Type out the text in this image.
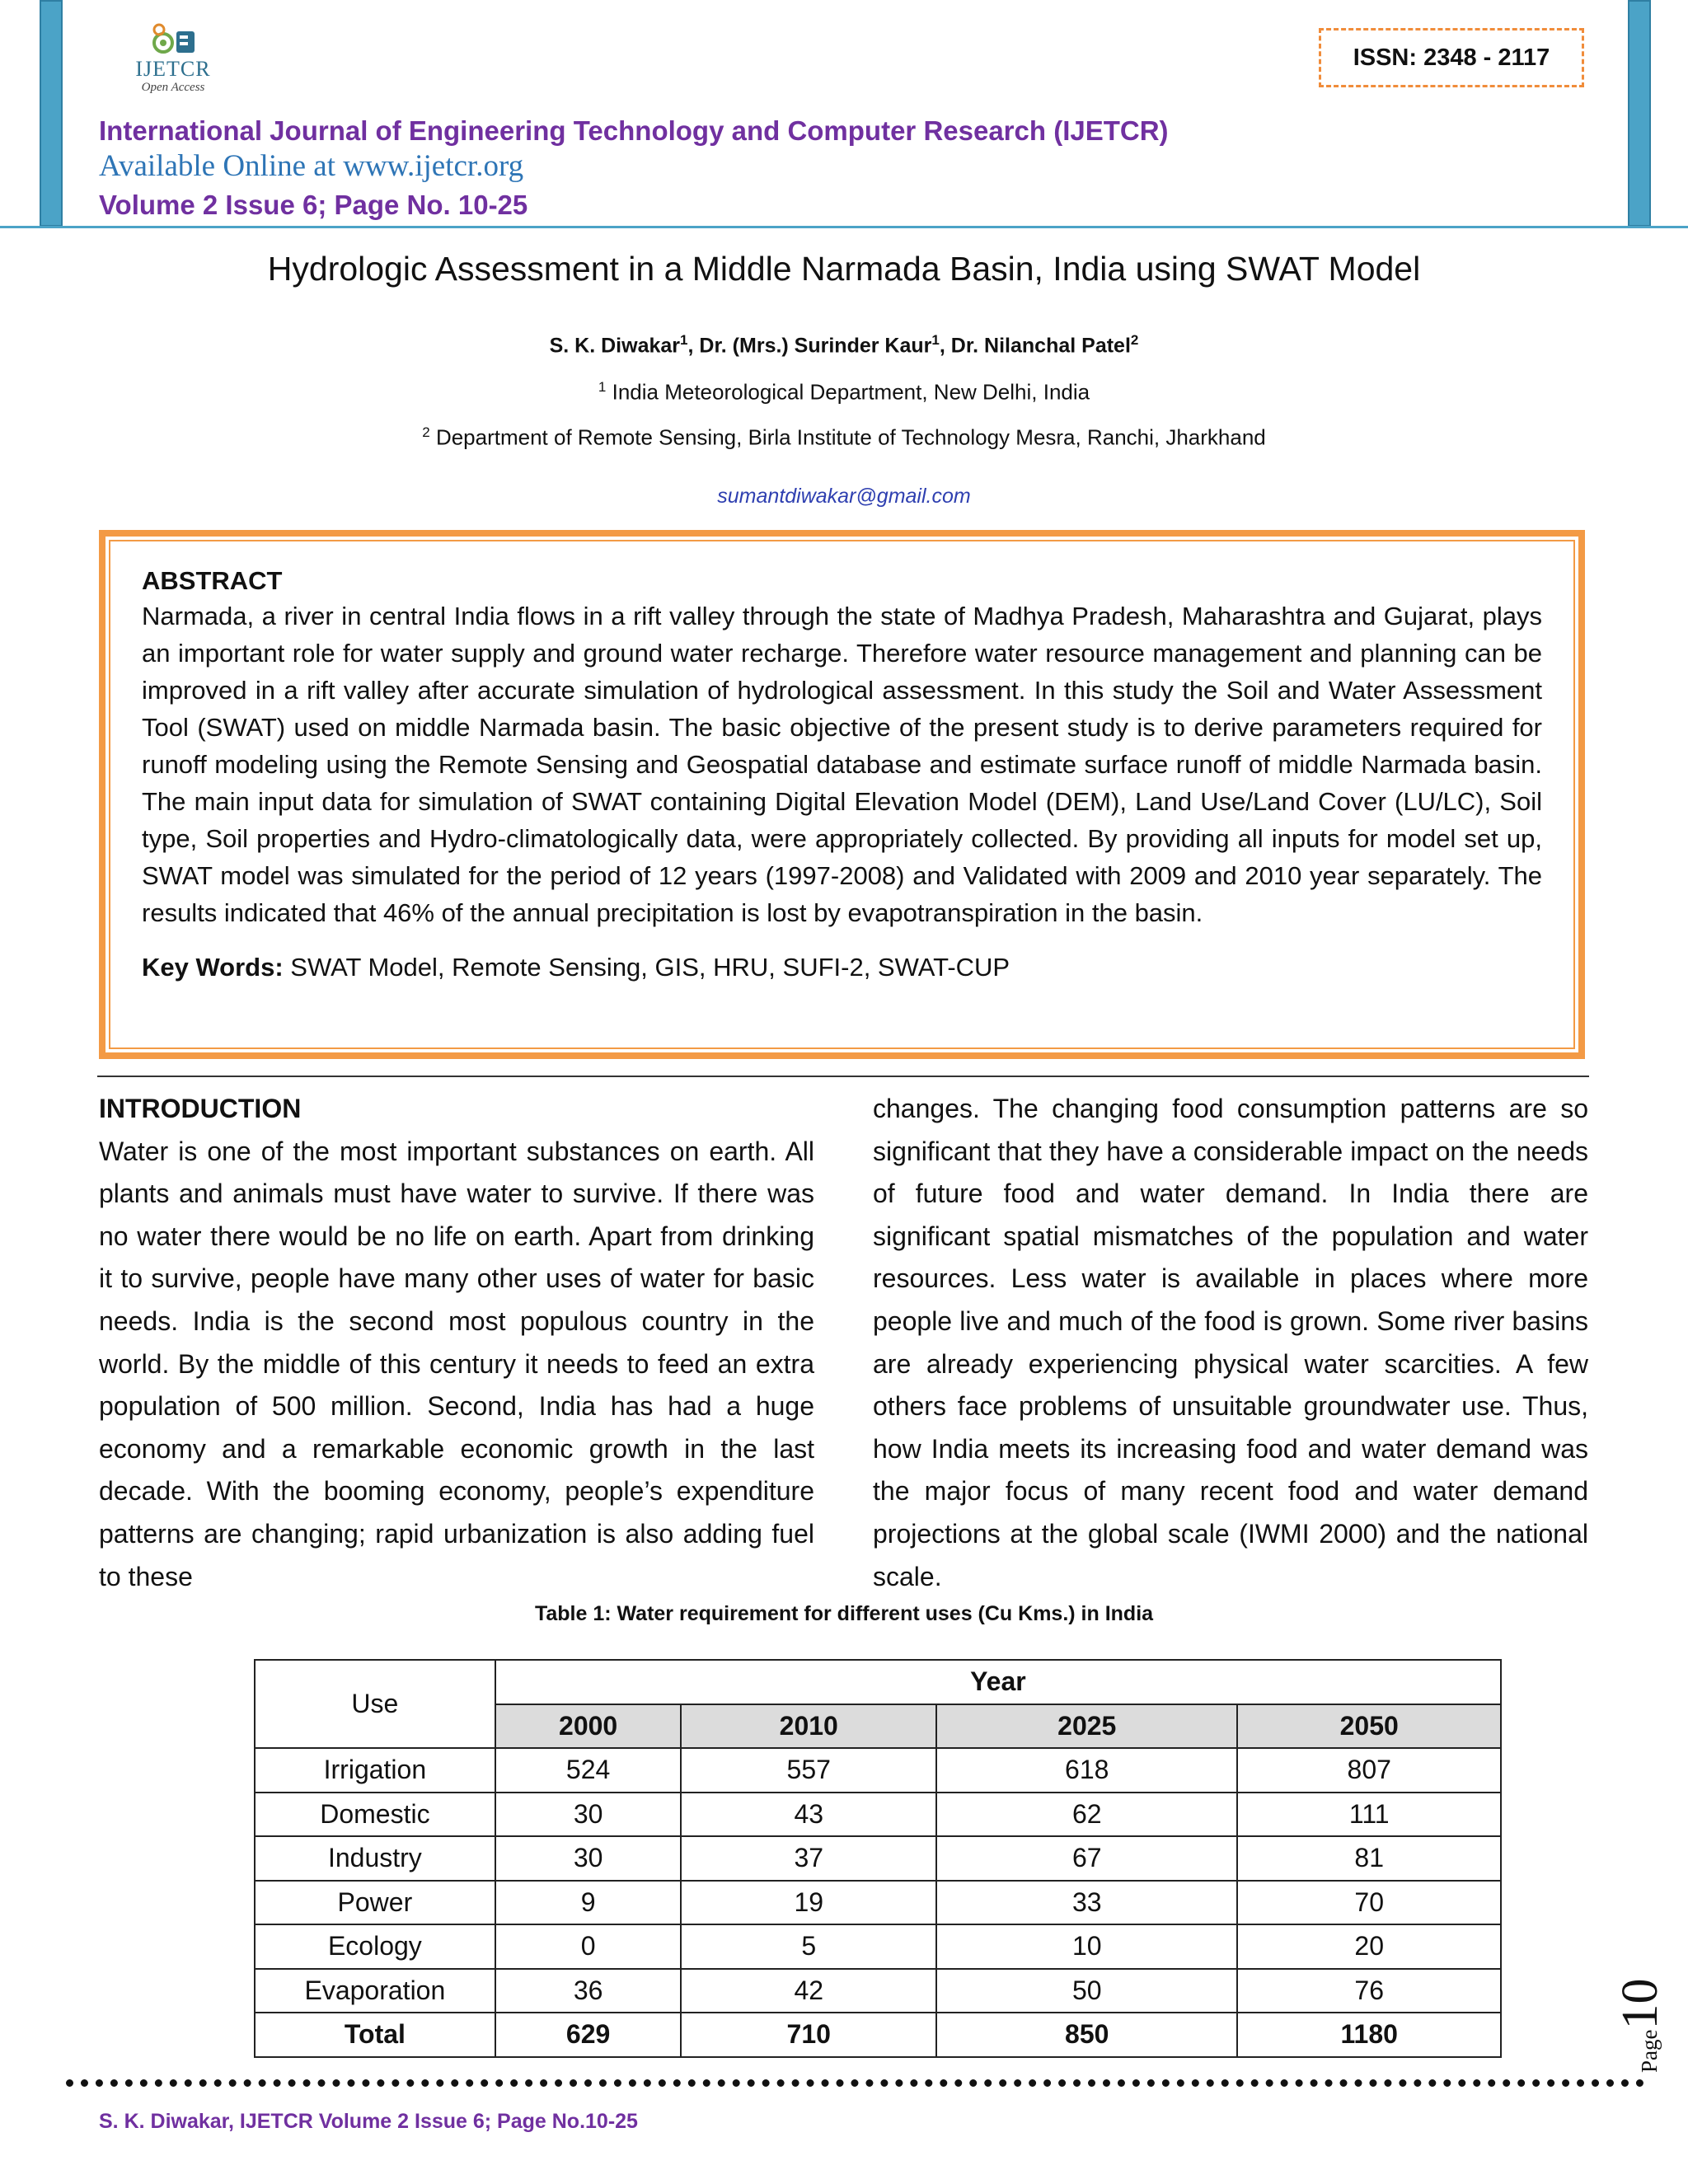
IJETCR
Open Access
ISSN: 2348 - 2117
International Journal of Engineering Technology and Computer Research (IJETCR)
Available Online at www.ijetcr.org
Volume 2 Issue 6; Page No. 10-25
Hydrologic Assessment in a Middle Narmada Basin, India using SWAT Model
S. K. Diwakar$^1$, Dr. (Mrs.) Surinder Kaur$^1$, Dr. Nilanchal Patel$^2$
$^1$ India Meteorological Department, New Delhi, India
$^2$ Department of Remote Sensing, Birla Institute of Technology Mesra, Ranchi, Jharkhand
sumantdiwakar@gmail.com
ABSTRACT
Narmada, a river in central India flows in a rift valley through the state of Madhya Pradesh, Maharashtra and Gujarat, plays an important role for water supply and ground water recharge. Therefore water resource management and planning can be improved in a rift valley after accurate simulation of hydrological assessment. In this study the Soil and Water Assessment Tool (SWAT) used on middle Narmada basin. The basic objective of the present study is to derive parameters required for runoff modeling using the Remote Sensing and Geospatial database and estimate surface runoff of middle Narmada basin. The main input data for simulation of SWAT containing Digital Elevation Model (DEM), Land Use/Land Cover (LU/LC), Soil type, Soil properties and Hydro-climatologically data, were appropriately collected. By providing all inputs for model set up, SWAT model was simulated for the period of 12 years (1997-2008) and Validated with 2009 and 2010 year separately. The results indicated that 46% of the annual precipitation is lost by evapotranspiration in the basin.
Key Words: SWAT Model, Remote Sensing, GIS, HRU, SUFI-2, SWAT-CUP
INTRODUCTION
Water is one of the most important substances on earth. All plants and animals must have water to survive. If there was no water there would be no life on earth. Apart from drinking it to survive, people have many other uses of water for basic needs. India is the second most populous country in the world. By the middle of this century it needs to feed an extra population of 500 million. Second, India has had a huge economy and a remarkable economic growth in the last decade. With the booming economy, people’s expenditure patterns are changing; rapid urbanization is also adding fuel to these
changes. The changing food consumption patterns are so significant that they have a considerable impact on the needs of future food and water demand. In India there are significant spatial mismatches of the population and water resources. Less water is available in places where more people live and much of the food is grown. Some river basins are already experiencing physical water scarcities. A few others face problems of unsuitable groundwater use. Thus, how India meets its increasing food and water demand was the major focus of many recent food and water demand projections at the global scale (IWMI 2000) and the national scale.
Table 1: Water requirement for different uses (Cu Kms.) in India
Use	Year			
	2000	2010	2025	2050
Irrigation	524	557	618	807
Domestic	30	43	62	111
Industry	30	37	67	81
Power	9	19	33	70
Ecology	0	5	10	20
Evaporation	36	42	50	76
Total	629	710	850	1180	Page10
S. K. Diwakar, IJETCR Volume 2 Issue 6; Page No.10-25
